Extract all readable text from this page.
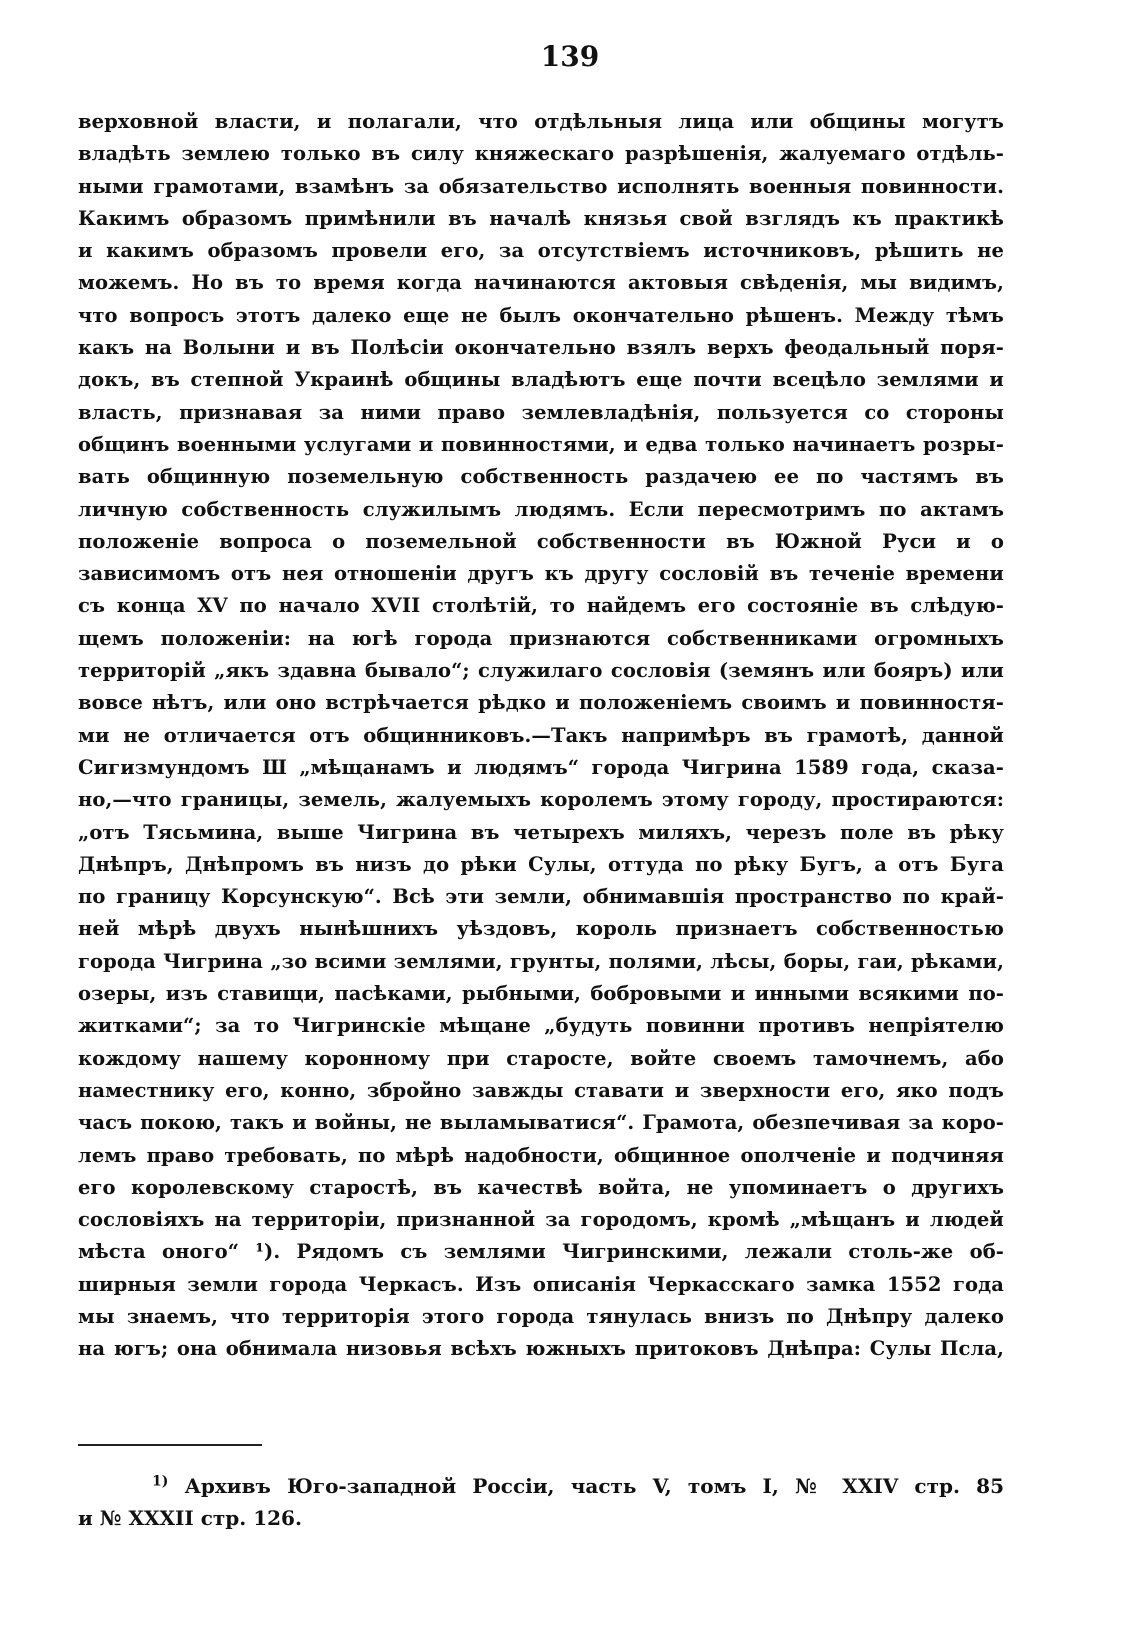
139
верховной власти, и полагали, что отдѣльныя лица или общины могутъ
владѣть землею только въ силу княжескаго разрѣшенія, жалуемаго отдѣль-
ными грамотами, взамѣнъ за обязательство исполнять военныя повинности.
Какимъ образомъ примѣнили въ началѣ князья свой взглядъ къ практикѣ
и какимъ образомъ провели его, за отсутствіемъ источниковъ, рѣшить не
можемъ. Но въ то время когда начинаются актовыя свѣденія, мы видимъ,
что вопросъ этотъ далеко еще не былъ окончательно рѣшенъ. Между тѣмъ
какъ на Волыни и въ Полѣсіи окончательно взялъ верхъ феодальный поря-
докъ, въ степной Украинѣ общины владѣютъ еще почти всецѣло землями и
власть, признавая за ними право землевладѣнія, пользуется со стороны
общинъ военными услугами и повинностями, и едва только начинаетъ розры-
вать общинную поземельную собственность раздачею ее по частямъ въ
личную собственность служилымъ людямъ. Если пересмотримъ по актамъ
положеніе вопроса о поземельной собственности въ Южной Руси и о
зависимомъ отъ нея отношеніи другъ къ другу сословій въ теченіе времени
съ конца XV по начало XVII столѣтій, то найдемъ его состояніе въ слѣдую-
щемъ положеніи: на югѣ города признаются собственниками огромныхъ
территорій „якъ здавна бывало“; служилаго сословія (земянъ или бояръ) или
вовсе нѣтъ, или оно встрѣчается рѣдко и положеніемъ своимъ и повинностя-
ми не отличается отъ общинниковъ.—Такъ напримѣръ въ грамотѣ, данной
Сигизмундомъ Ш „мѣщанамъ и людямъ“ города Чигрина 1589 года, сказа-
но,—что границы, земель, жалуемыхъ королемъ этому городу, простираются:
„отъ Тясьмина, выше Чигрина въ четырехъ миляхъ, черезъ поле въ рѣку
Днѣпръ, Днѣпромъ въ низъ до рѣки Сулы, оттуда по рѣку Бугъ, а отъ Буга
по границу Корсунскую“. Всѣ эти земли, обнимавшія пространство по край-
ней мѣрѣ двухъ нынѣшнихъ уѣздовъ, король признаетъ собственностью
города Чигрина „зо всими землями, грунты, полями, лѣсы, боры, гаи, рѣками,
озеры, изъ ставищи, пасѣками, рыбными, бобровыми и инными всякими по-
житками“; за то Чигринскіе мѣщане „будуть повинни противъ непріятелю
кождому нашему коронному при старосте, войте своемъ тамочнемъ, або
наместнику его, конно, збройно завжды ставати и зверхности его, яко подъ
часъ покою, такъ и войны, не выламыватися“. Грамота, обезпечивая за коро-
лемъ право требовать, по мѣрѣ надобности, общинное ополченіе и подчиняя
его королевскому старостѣ, въ качествѣ войта, не упоминаетъ о другихъ
сословіяхъ на территоріи, признанной за городомъ, кромѣ „мѣщанъ и людей
мѣста оного“ ¹). Рядомъ съ землями Чигринскими, лежали столь-же об-
ширныя земли города Черкасъ. Изъ описанія Черкасскаго замка 1552 года
мы знаемъ, что территорія этого города тянулась внизъ по Днѣпру далеко
на югъ; она обнимала низовья всѣхъ южныхъ притоковъ Днѣпра: Сулы Псла,
$^{1)}$ Архивъ Юго-западной Россіи, часть V, томъ I, № XXIV стр. 85
и № XXXII стр. 126.
